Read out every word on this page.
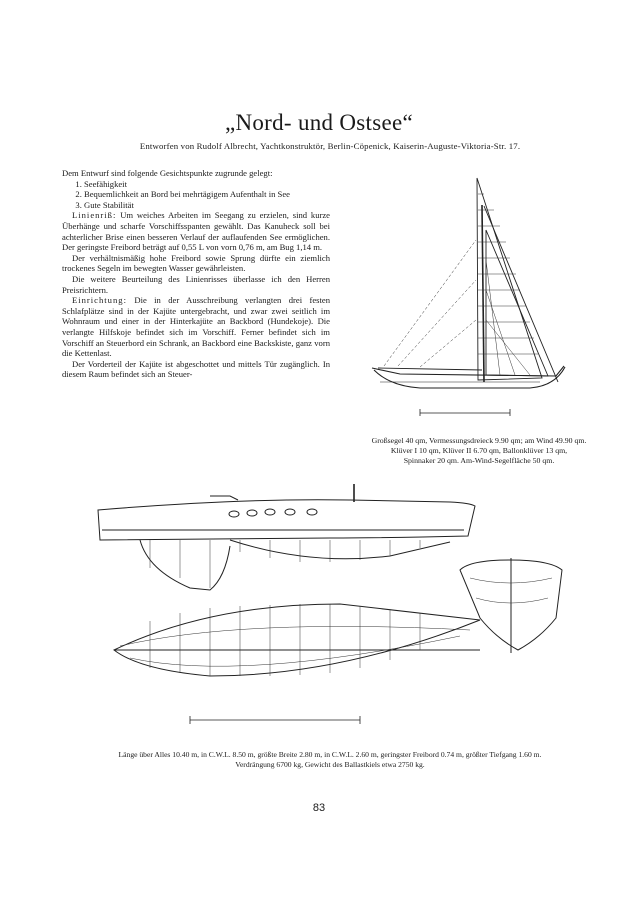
„Nord- und Ostsee“
Entworfen von Rudolf Albrecht, Yachtkonstruktör, Berlin-Cöpenick, Kaiserin-Auguste-Viktoria-Str. 17.

Dem Entwurf sind folgende Gesichtspunkte zugrunde gelegt:

1. Seefähigkeit
2. Bequemlichkeit an Bord bei mehrtägigem Aufenthalt in See
3. Gute Stabilität

Linienriß: Um weiches Arbeiten im Seegang zu erzielen, sind kurze Überhänge und scharfe Vorschiffsspanten gewählt. Das Kanuheck soll bei achterlicher Brise einen besseren Verlauf der auflaufenden See ermöglichen. Der geringste Freibord beträgt auf 0,55 L von vorn 0,76 m, am Bug 1,14 m.

Der verhältnismäßig hohe Freibord sowie Sprung dürfte ein ziemlich trockenes Segeln im bewegten Wasser gewährleisten.

Die weitere Beurteilung des Linienrisses überlasse ich den Herren Preisrichtern.

Einrichtung: Die in der Ausschreibung verlangten drei festen Schlafplätze sind in der Kajüte untergebracht, und zwar zwei seitlich im Wohnraum und einer in der Hinterkajüte an Backbord (Hundekoje). Die verlangte Hilfskoje befindet sich im Vorschiff. Ferner befindet sich im Vorschiff an Steuerbord ein Schrank, an Backbord eine Backskiste, ganz vorn die Kettenlast.

Der Vorderteil der Kajüte ist abgeschottet und mittels Tür zugänglich. In diesem Raum befindet sich an Steuer-

Großsegel 40 qm, Vermessungsdreieck 9.90 qm; am Wind 49.90 qm.
Klüver I 10 qm, Klüver II 6.70 qm, Ballonklüver 13 qm,
Spinnaker 20 qm. Am-Wind-Segelfläche 50 qm.
Länge über Alles 10.40 m, in C.W.L. 8.50 m, größte Breite 2.80 m, in C.W.L. 2.60 m, geringster Freibord 0.74 m, größter Tiefgang 1.60 m.
Verdrängung 6700 kg, Gewicht des Ballastkiels etwa 2750 kg.
83
